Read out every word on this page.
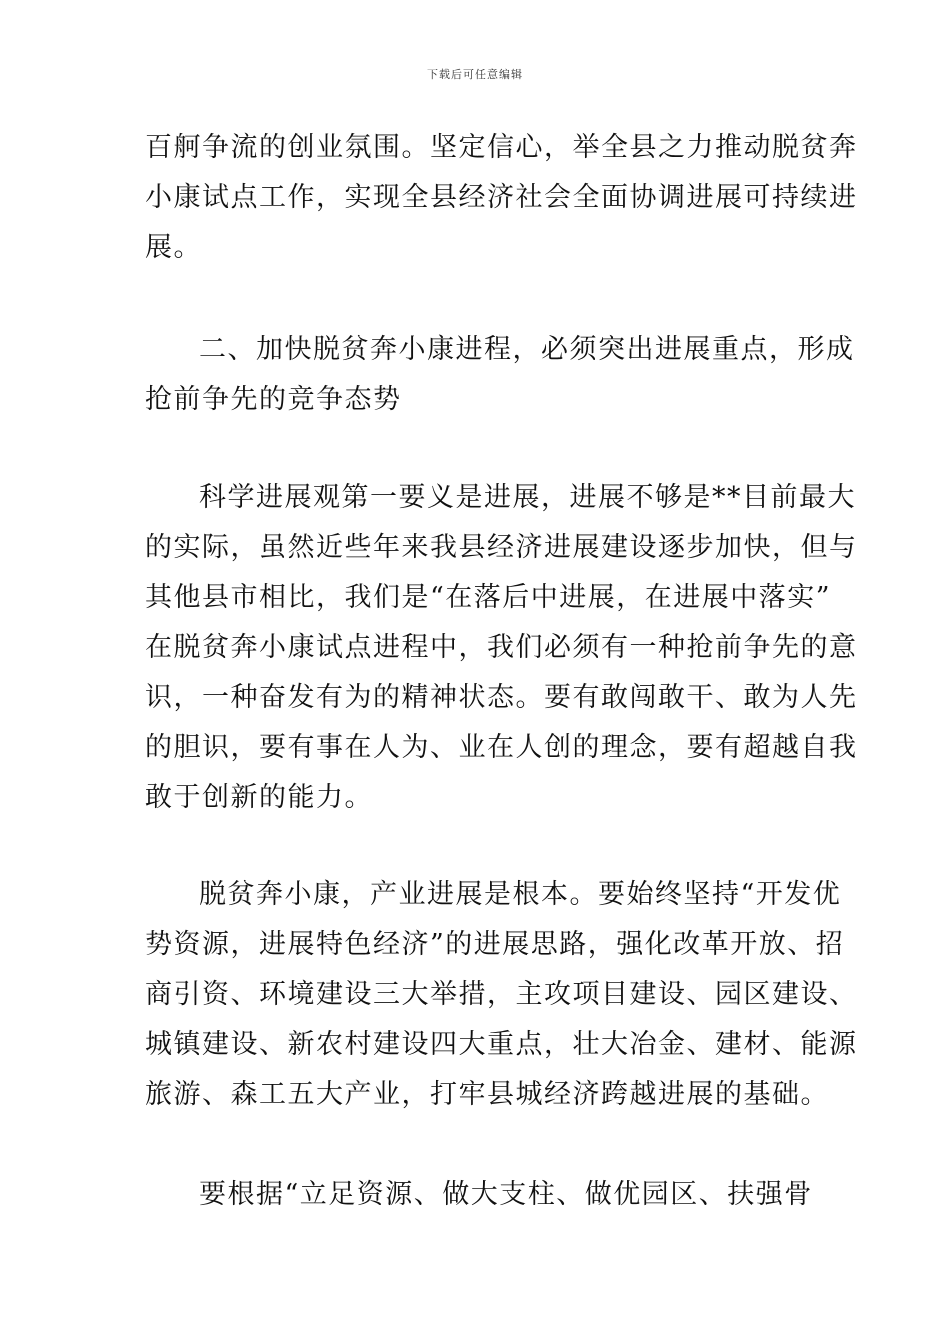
下载后可任意编辑
百舸争流的创业氛围。坚定信心，举全县之力推动脱贫奔
小康试点工作，实现全县经济社会全面协调进展可持续进
展。
二、加快脱贫奔小康进程，必须突出进展重点，形成
抢前争先的竞争态势
科学进展观第一要义是进展，进展不够是**目前最大
的实际，虽然近些年来我县经济进展建设逐步加快，但与
其他县市相比，我们是“在落后中进展，在进展中落实”
在脱贫奔小康试点进程中，我们必须有一种抢前争先的意
识，一种奋发有为的精神状态。要有敢闯敢干、敢为人先
的胆识，要有事在人为、业在人创的理念，要有超越自我
敢于创新的能力。
脱贫奔小康，产业进展是根本。要始终坚持“开发优
势资源，进展特色经济”的进展思路，强化改革开放、招
商引资、环境建设三大举措，主攻项目建设、园区建设、
城镇建设、新农村建设四大重点，壮大冶金、建材、能源
旅游、森工五大产业，打牢县城经济跨越进展的基础。
要根据“立足资源、做大支柱、做优园区、扶强骨
